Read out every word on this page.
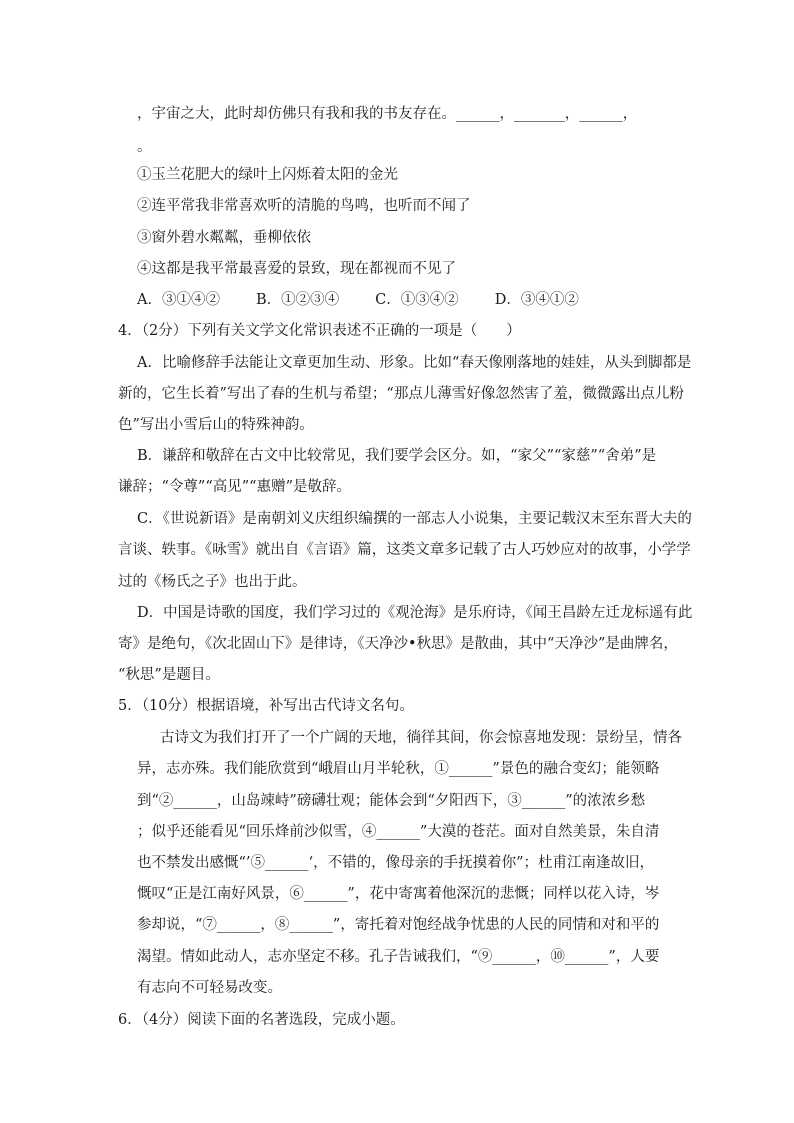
，宇宙之大，此时却仿佛只有我和我的书友存在。______，_______，______，
。
①玉兰花肥大的绿叶上闪烁着太阳的金光
②连平常我非常喜欢听的清脆的鸟鸣，也听而不闻了
③窗外碧水粼粼，垂柳依依
④这都是我平常最喜爱的景致，现在都视而不见了
A．③①④② B．①②③④ C．①③④② D．③④①②
4．（2分）下列有关文学文化常识表述不正确的一项是（　　）
A．比喻修辞手法能让文章更加生动、形象。比如“春天像刚落地的娃娃，从头到脚都是
新的，它生长着”写出了春的生机与希望；“那点儿薄雪好像忽然害了羞，微微露出点儿粉
色”写出小雪后山的特殊神韵。
B．谦辞和敬辞在古文中比较常见，我们要学会区分。如，“家父”“家慈”“舍弟”是
谦辞；“令尊”“高见”“惠赠”是敬辞。
C．《世说新语》是南朝刘义庆组织编撰的一部志人小说集，主要记载汉末至东晋大夫的
言谈、轶事。《咏雪》就出自《言语》篇，这类文章多记载了古人巧妙应对的故事，小学学
过的《杨氏之子》也出于此。
D．中国是诗歌的国度，我们学习过的《观沧海》是乐府诗，《闻王昌龄左迁龙标遥有此
寄》是绝句，《次北固山下》是律诗，《天净沙•秋思》是散曲，其中“天净沙”是曲牌名，
“秋思”是题目。
5．（10分）根据语境，补写出古代诗文名句。
古诗文为我们打开了一个广阔的天地，徜徉其间，你会惊喜地发现：景纷呈，情各
异，志亦殊。我们能欣赏到“峨眉山月半轮秋，①______”景色的融合变幻；能领略
到“②______，山岛竦峙”磅礴壮观；能体会到“夕阳西下，③______”的浓浓乡愁
；似乎还能看见“回乐烽前沙似雪，④______”大漠的苍茫。面对自然美景，朱自清
也不禁发出感慨“’⑤______‘，不错的，像母亲的手抚摸着你”；杜甫江南逢故旧，
慨叹“正是江南好风景，⑥______”，花中寄寓着他深沉的悲慨；同样以花入诗，岑
参却说，“⑦______，⑧______”，寄托着对饱经战争忧患的人民的同情和对和平的
渴望。情如此动人，志亦坚定不移。孔子告诫我们，“⑨______，⑩______”，人要
有志向不可轻易改变。
6．（4分）阅读下面的名著选段，完成小题。
